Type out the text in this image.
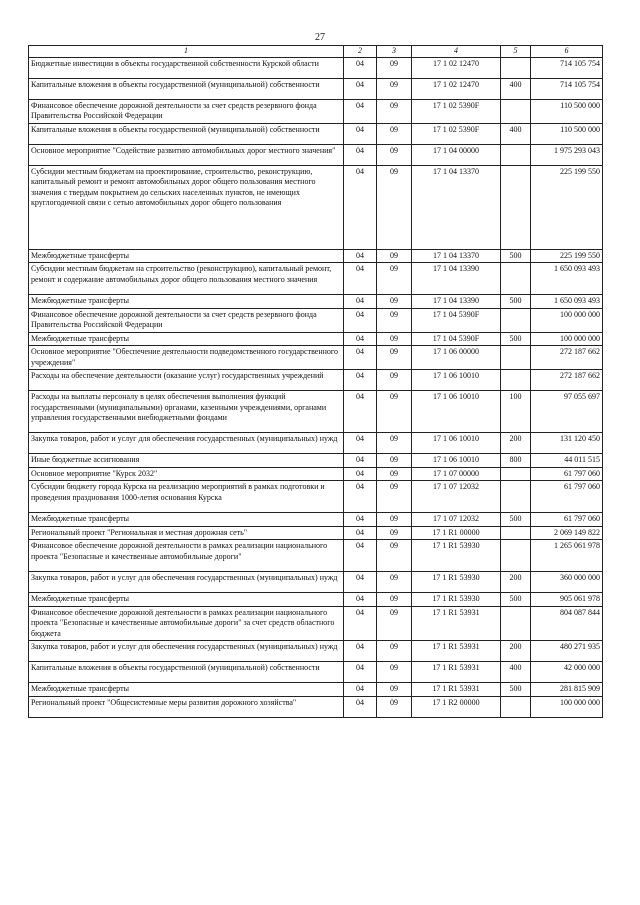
27
1	2	3	4	5	6
Бюджетные инвестиции в объекты государственной собственности Курской области	04	09	17 1 02 12470		714 105 754
Капитальные вложения в объекты государственной (муниципальной) собственности	04	09	17 1 02 12470	400	714 105 754
Финансовое обеспечение дорожной деятельности за счет средств резервного фонда Правительства Российской Федерации	04	09	17 1 02 5390F		110 500 000
Капитальные вложения в объекты государственной (муниципальной) собственности	04	09	17 1 02 5390F	400	110 500 000
Основное мероприятие "Содействие развитию автомобильных дорог местного значения"	04	09	17 1 04 00000		1 975 293 043
Субсидии местным бюджетам на проектирование, строительство, реконструкцию, капитальный ремонт и ремонт автомобильных дорог общего пользования местного значения с твердым покрытием до сельских населенных пунктов, не имеющих круглогодичной связи с сетью автомобильных дорог общего пользования	04	09	17 1 04 13370		225 199 550
Межбюджетные трансферты	04	09	17 1 04 13370	500	225 199 550
Субсидии местным бюджетам на строительство (реконструкцию), капитальный ремонт, ремонт и содержание автомобильных дорог общего пользования местного значения	04	09	17 1 04 13390		1 650 093 493
Межбюджетные трансферты	04	09	17 1 04 13390	500	1 650 093 493
Финансовое обеспечение дорожной деятельности за счет средств резервного фонда Правительства Российской Федерации	04	09	17 1 04 5390F		100 000 000
Межбюджетные трансферты	04	09	17 1 04 5390F	500	100 000 000
Основное мероприятие "Обеспечение деятельности подведомственного государственного учреждения"	04	09	17 1 06 00000		272 187 662
Расходы на обеспечение деятельности (оказание услуг) государственных учреждений	04	09	17 1 06 10010		272 187 662
Расходы на выплаты персоналу в целях обеспечения выполнения функций государственными (муниципальными) органами, казенными учреждениями, органами управления государственными внебюджетными фондами	04	09	17 1 06 10010	100	97 055 697
Закупка товаров, работ и услуг для обеспечения государственных (муниципальных) нужд	04	09	17 1 06 10010	200	131 120 450
Иные бюджетные ассигнования	04	09	17 1 06 10010	800	44 011 515
Основное мероприятие "Курск 2032"	04	09	17 1 07 00000		61 797 060
Субсидии бюджету города Курска на реализацию мероприятий в рамках подготовки и проведения празднования 1000-летия основания Курска	04	09	17 1 07 12032		61 797 060
Межбюджетные трансферты	04	09	17 1 07 12032	500	61 797 060
Региональный проект "Региональная и местная дорожная сеть"	04	09	17 1 R1 00000		2 069 149 822
Финансовое обеспечение дорожной деятельности в рамках реализации национального проекта "Безопасные и качественные автомобильные дороги"	04	09	17 1 R1 53930		1 265 061 978
Закупка товаров, работ и услуг для обеспечения государственных (муниципальных) нужд	04	09	17 1 R1 53930	200	360 000 000
Межбюджетные трансферты	04	09	17 1 R1 53930	500	905 061 978
Финансовое обеспечение дорожной деятельности в рамках реализации национального проекта "Безопасные и качественные автомобильные дороги" за счет средств областного бюджета	04	09	17 1 R1 53931		804 087 844
Закупка товаров, работ и услуг для обеспечения государственных (муниципальных) нужд	04	09	17 1 R1 53931	200	480 271 935
Капитальные вложения в объекты государственной (муниципальной) собственности	04	09	17 1 R1 53931	400	42 000 000
Межбюджетные трансферты	04	09	17 1 R1 53931	500	281 815 909
Региональный проект "Общесистемные меры развития дорожного хозяйства"	04	09	17 1 R2 00000		100 000 000
